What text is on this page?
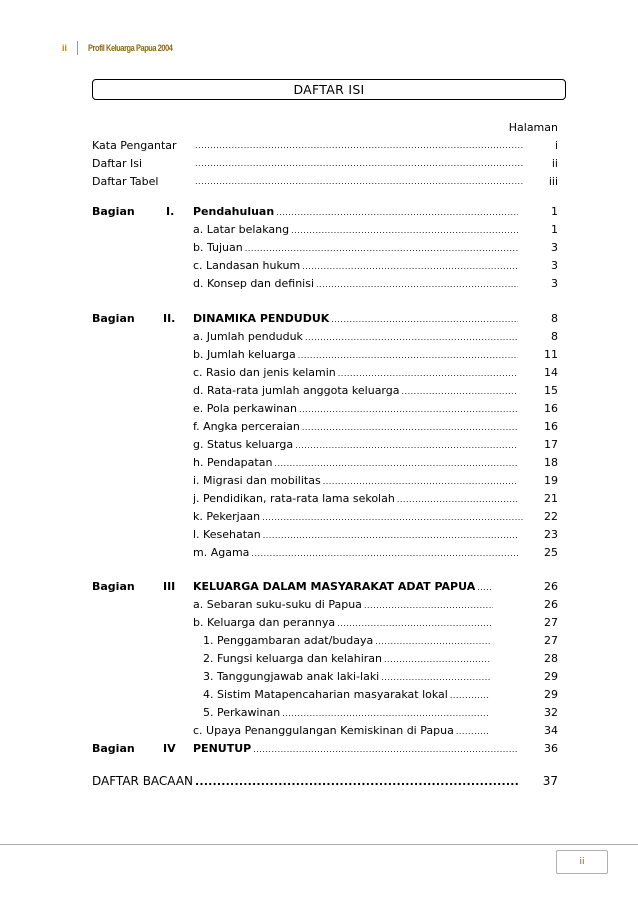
ii Profil Keluarga Papua 2004
DAFTAR ISI
Halaman
Kata Pengantar .....	i
Daftar Isi .....	ii
Daftar Tabel .....	iii
Bagian	I. Pendahuluan .....	1
a. Latar belakang .....	1
b. Tujuan .....	3
c. Landasan hukum .....	3
d. Konsep dan definisi .....	3
Bagian	II. DINAMIKA PENDUDUK .....	8
a. Jumlah penduduk .....	8
b. Jumlah keluarga .....	11
c. Rasio dan jenis kelamin .....	14
d. Rata-rata jumlah anggota keluarga .....	15
e. Pola perkawinan .....	16
f. Angka perceraian .....	16
g. Status keluarga .....	17
h. Pendapatan .....	18
i. Migrasi dan mobilitas .....	19
j. Pendidikan, rata-rata lama sekolah .....	21
k. Pekerjaan .....	22
l. Kesehatan .....	23
m. Agama .....	25
Bagian	III KELUARGA DALAM MASYARAKAT ADAT PAPUA .....	26
a. Sebaran suku-suku di Papua .....	26
b. Keluarga dan perannya .....	27
1. Penggambaran adat/budaya .....	27
2. Fungsi keluarga dan kelahiran .....	28
3. Tanggungjawab anak laki-laki .....	29
4. Sistim Matapencaharian masyarakat lokal .....	29
5. Perkawinan .....	32
c. Upaya Penanggulangan Kemiskinan di Papua .....	34
Bagian	IV PENUTUP .....	36
DAFTAR BACAAN .....	37
ii
